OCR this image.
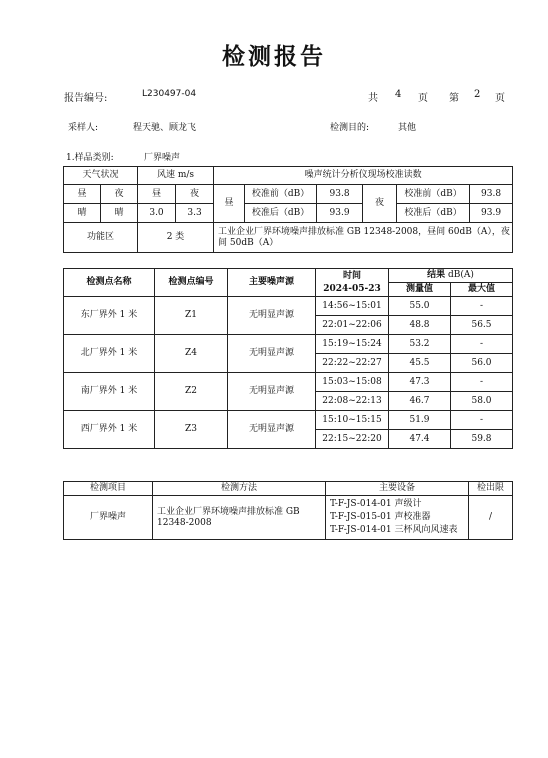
检测报告
报告编号:	L230497-04	共 4 页 第 2 页
采样人:	程天驰、顾龙飞	检测目的:	其他
1.样品类别:	厂界噪声
天气状况		风速 m/s		噪声统计分析仪现场校准读数					
昼	夜	昼	夜	昼	校准前（dB）	93.8	夜	校准前（dB）	93.8
晴	晴	3.0	3.3		校准后（dB）	93.9		校准后（dB）	93.9
功能区		2 类		工业企业厂界环境噪声排放标准 GB 12348-2008，昼间 60dB（A），夜间 50dB（A）					
检测点名称	检测点编号	主要噪声源	时间	结果 dB(A)	
			2024-05-23	测量值	最大值
东厂界外 1 米	Z1	无明显声源	14:56~15:01	55.0	-
			22:01~22:06	48.8	56.5
北厂界外 1 米	Z4	无明显声源	15:19~15:24	53.2	-
			22:22~22:27	45.5	56.0
南厂界外 1 米	Z2	无明显声源	15:03~15:08	47.3	-
			22:08~22:13	46.7	58.0
西厂界外 1 米	Z3	无明显声源	15:10~15:15	51.9	-
			22:15~22:20	47.4	59.8
检测项目	检测方法	主要设备	检出限
厂界噪声	工业企业厂界环境噪声排放标准 GB 12348-2008	T-F-JS-014-01 声级计
T-F-JS-015-01 声校准器
T-F-JS-014-01 三杯风向风速表	/
